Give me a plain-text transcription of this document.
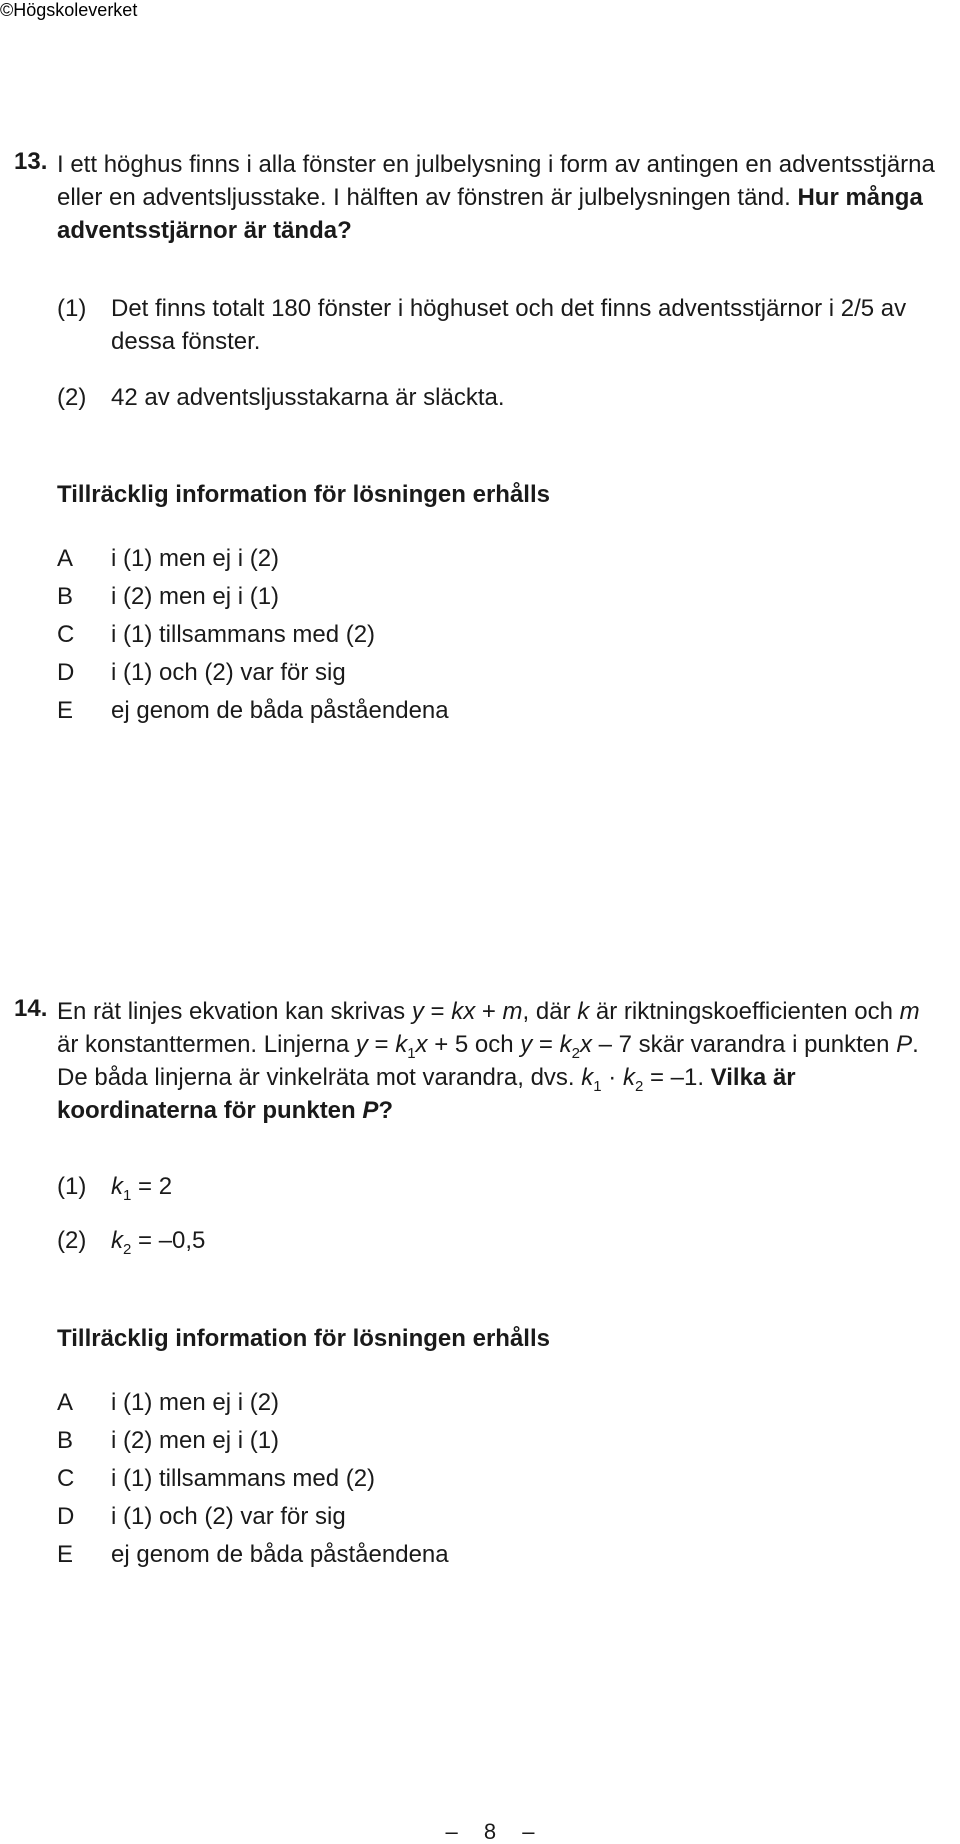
©Högskoleverket
13. I ett höghus finns i alla fönster en julbelysning i form av antingen en adventsstjärna eller en adventsljusstake. I hälften av fönstren är julbelysningen tänd. Hur många adventsstjärnor är tända?
(1) Det finns totalt 180 fönster i höghuset och det finns adventsstjärnor i 2/5 av dessa fönster.
(2) 42 av adventsljusstakarna är släckta.
Tillräcklig information för lösningen erhålls
A i (1) men ej i (2)
B i (2) men ej i (1)
C i (1) tillsammans med (2)
D i (1) och (2) var för sig
E ej genom de båda påståendena
14. En rät linjes ekvation kan skrivas y = kx + m, där k är riktningskoefficienten och m är konstanttermen. Linjerna $y = k_1x + 5$ och $y = k_2x - 7$ skär varandra i punkten P. De båda linjerna är vinkelräta mot varandra, dvs. $k_1 \cdot k_2 = -1$. Vilka är koordinaterna för punkten P?
(1) $k_1 = 2$
(2) $k_2 = -0,5$
Tillräcklig information för lösningen erhålls
A i (1) men ej i (2)
B i (2) men ej i (1)
C i (1) tillsammans med (2)
D i (1) och (2) var för sig
E ej genom de båda påståendena
– 8 –
